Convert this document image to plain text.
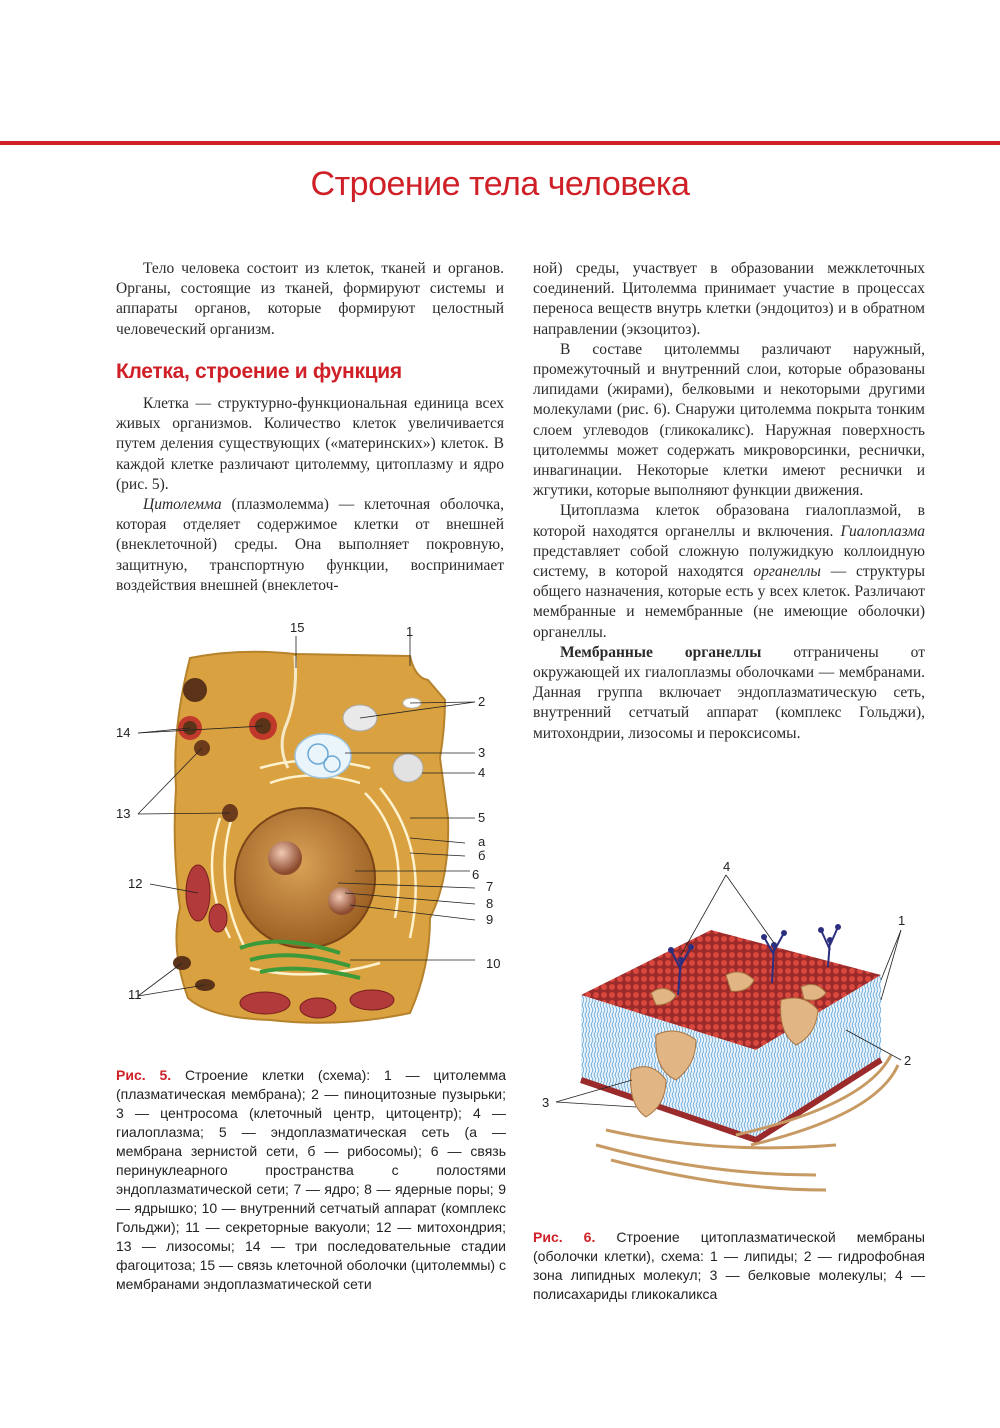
Строение тела человека

Тело человека состоит из клеток, тканей и органов. Органы, состоящие из тканей, формируют системы и аппараты органов, которые формируют целостный человеческий организм.

Клетка, строение и функция

Клетка — структурно-функциональная единица всех живых организмов. Количество клеток увеличивается путем деления существующих («материнских») клеток. В каждой клетке различают цитолемму, цитоплазму и ядро (рис. 5).

Цитолемма (плазмолемма) — клеточная оболочка, которая отделяет содержимое клетки от внешней (внеклеточной) среды. Она выполняет покровную, защитную, транспортную функции, воспринимает воздействия внешней (внеклеточ-

ной) среды, участвует в образовании межклеточных соединений. Цитолемма принимает участие в процессах переноса веществ внутрь клетки (эндоцитоз) и в обратном направлении (экзоцитоз).

В составе цитолеммы различают наружный, промежуточный и внутренний слои, которые образованы липидами (жирами), белковыми и некоторыми другими молекулами (рис. 6). Снаружи цитолемма покрыта тонким слоем углеводов (гликокаликс). Наружная поверхность цитолеммы может содержать микроворсинки, реснички, инвагинации. Некоторые клетки имеют реснички и жгутики, которые выполняют функции движения.

Цитоплазма клеток образована гиалоплазмой, в которой находятся органеллы и включения. Гиалоплазма представляет собой сложную полужидкую коллоидную систему, в которой находятся органеллы — структуры общего назначения, которые есть у всех клеток. Различают мембранные и немембранные (не имеющие оболочки) органеллы.

Мембранные органеллы отграничены от окружающей их гиалоплазмы оболочками — мембранами. Данная группа включает эндоплазматическую сеть, внутренний сетчатый аппарат (комплекс Гольджи), митохондрии, лизосомы и пероксисомы.

15	1
2
14
3
4
13	5
а
б
6
12	7
8
9
10
11
Рис. 5. Строение клетки (схема): 1 — цитолемма (плазматическая мембрана); 2 — пиноцитозные пузырьки; 3 — центросома (клеточный центр, цитоцентр); 4 — гиалоплазма; 5 — эндоплазматическая сеть (а — мембрана зернистой сети, б — рибосомы); 6 — связь перинуклеарного пространства с полостями эндоплазматической сети; 7 — ядро; 8 — ядерные поры; 9 — ядрышко; 10 — внутренний сетчатый аппарат (комплекс Гольджи); 11 — секреторные вакуоли; 12 — митохондрия; 13 — лизосомы; 14 — три последовательные стадии фагоцитоза; 15 — связь клеточной оболочки (цитолеммы) с мембранами эндоплазматической сети
4
1
2
3
Рис. 6. Строение цитоплазматической мембраны (оболочки клетки), схема: 1 — липиды; 2 — гидрофобная зона липидных молекул; 3 — белковые молекулы; 4 — полисахариды гликокаликса
